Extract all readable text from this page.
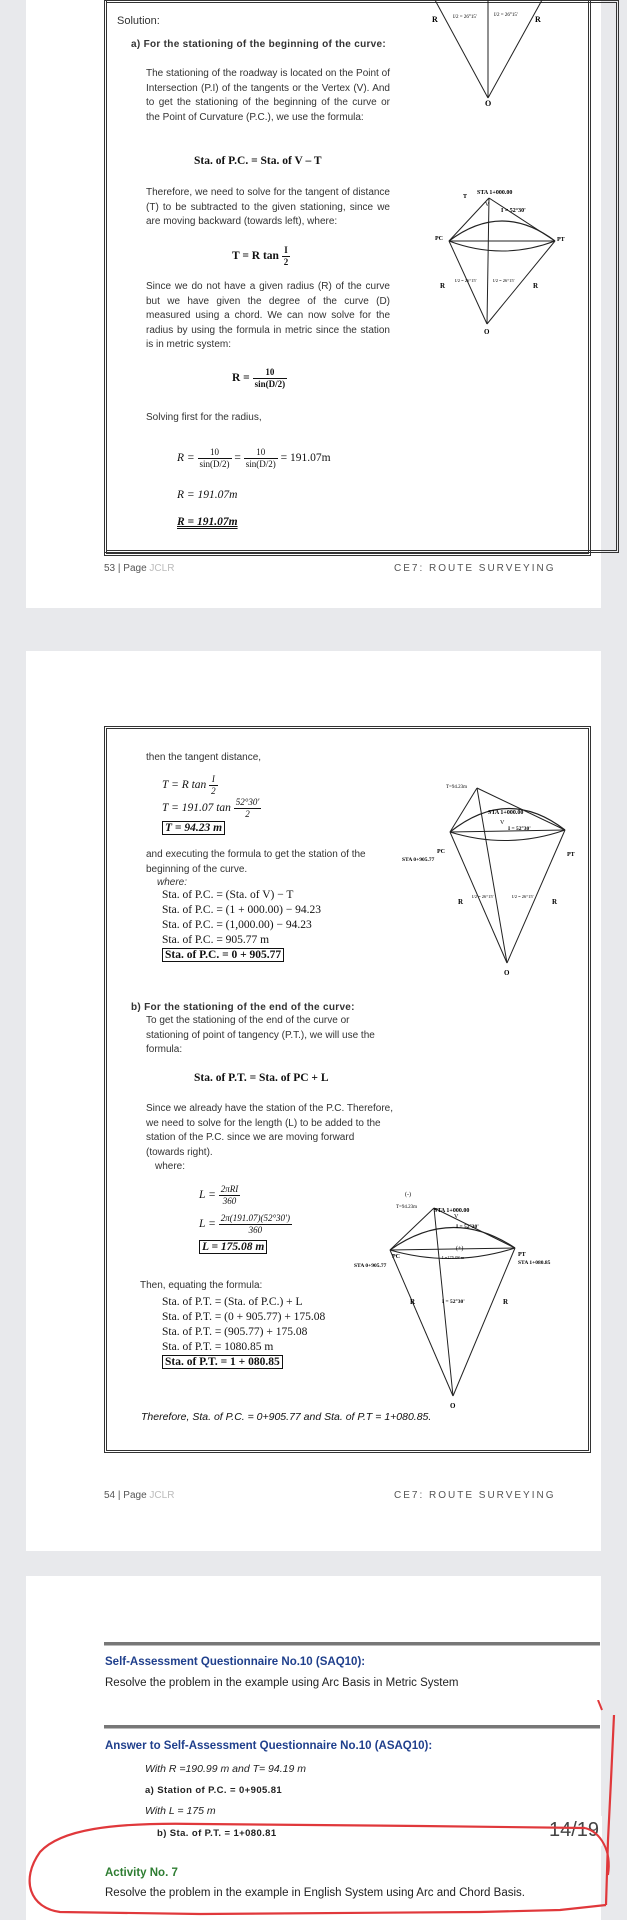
Solution:
a) For the stationing of the beginning of the curve:
The stationing of the roadway is located on the Point of Intersection (P.I) of the tangents or the Vertex (V). And to get the stationing of the beginning of the curve or the Point of Curvature (P.C.), we use the formula:
Sta. of P.C. = Sta. of V – T
Therefore, we need to solve for the tangent of distance (T) to be subtracted to the given stationing, since we are moving backward (towards left), where:
T = R $\tan \frac{I}{2}$
Since we do not have a given radius (R) of the curve but we have given the degree of the curve (D) measured using a chord. We can now solve for the radius by using the formula in metric since the station is in metric system:
$R = \frac{10}{\sin(D/2)}$
Solving first for the radius,
$R = \frac{10}{\sin(D/2)} = \frac{10}{\sin(D/2)} = 191.07m$
R = 191.07m
R = 191.07m
R	R
I/2 = 26°15'	I/2 = 26°15'
O
T
STA 1+000.00
V
I = 52°30'
PC	PT
R	R
I/2 = 26°15'	I/2 = 26°15'
O
53 | Page JCLR	CE7: ROUTE SURVEYING
then the tangent distance,
T = R $\tan \frac{I}{2}$
T = 191.07 $\tan \frac{52^\circ 30'}{2}$
T = 94.23 m
and executing the formula to get the station of the beginning of the curve.
where:
Sta. of P.C. = (Sta. of V) − T
Sta. of P.C. = (1 + 000.00) − 94.23
Sta. of P.C. = (1,000.00) − 94.23
Sta. of P.C. = 905.77 m
Sta. of P.C. = 0 + 905.77
b) For the stationing of the end of the curve:
To get the stationing of the end of the curve or stationing of point of tangency (P.T.), we will use the formula:
Sta. of P.T. = Sta. of PC + L
Since we already have the station of the P.C. Therefore, we need to solve for the length (L) to be added to the station of the P.C. since we are moving forward (towards right).
where:
$L = \frac{\text{2πRI}}{360}$
$L = \frac{2\pi(191.07)(52^\circ 30')}{360}$
L = 175.08 m
Then, equating the formula:
Sta. of P.T. = (Sta. of P.C.) + L
Sta. of P.T. = (0 + 905.77) + 175.08
Sta. of P.T. = (905.77) + 175.08
Sta. of P.T. = 1080.85 m
Sta. of P.T. = 1 + 080.85
Therefore, Sta. of P.C. = 0+905.77 and Sta. of P.T = 1+080.85.
T=94.23m
STA 1+000.00
V
I = 52°30'
PC
STA 0+905.77
PT
R	R
I/2 = 26°15'	I/2 = 26°15'
O
(-)
T=94.23m
STA 1+000.00
I = 52°30'
V
(+)
L=175.08 m
PC
STA 0+905.77
PT
STA 1+080.85
R	R
I = 52°30'
O
54 | Page JCLR	CE7: ROUTE SURVEYING
Self-Assessment Questionnaire No.10 (SAQ10):
Resolve the problem in the example using Arc Basis in Metric System
Answer to Self-Assessment Questionnaire No.10 (ASAQ10):
With R =190.99 m and T= 94.19 m
a) Station of P.C. = 0+905.81
With L = 175 m
b) Sta. of P.T. = 1+080.81	14/19
Activity No. 7
Resolve the problem in the example in English System using Arc and Chord Basis.
